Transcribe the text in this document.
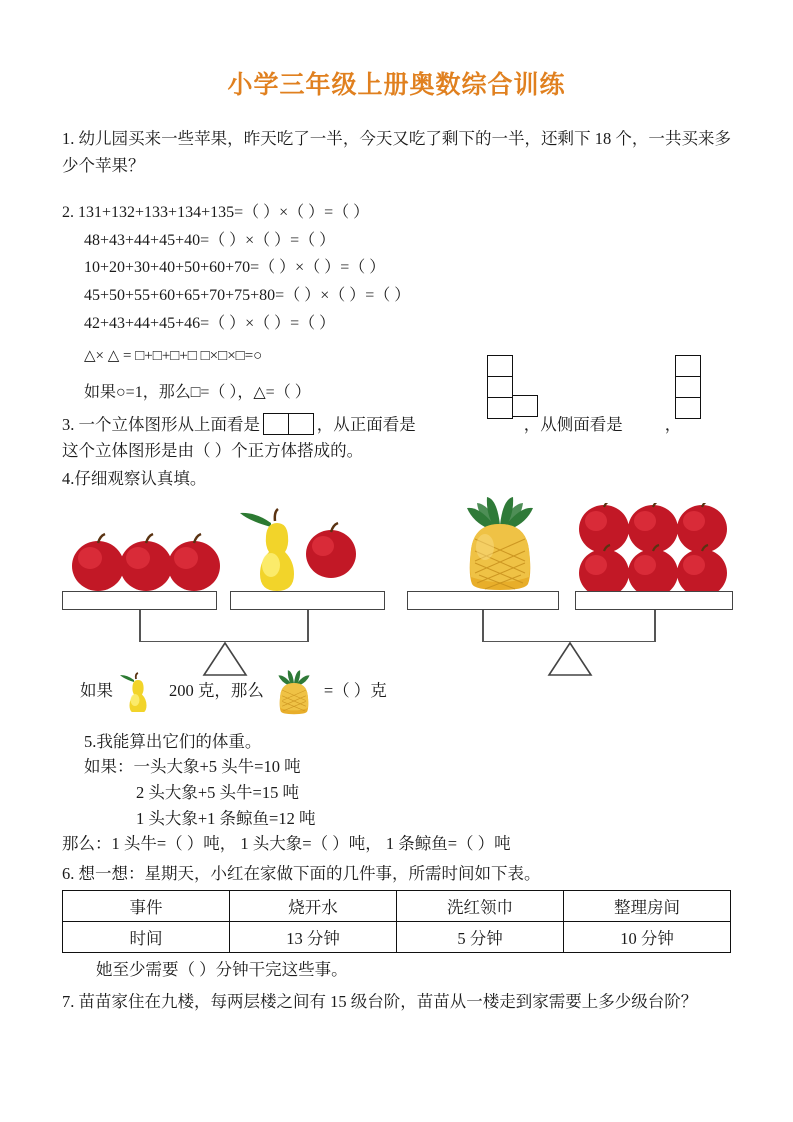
小学三年级上册奥数综合训练
1. 幼儿园买来一些苹果，昨天吃了一半，今天又吃了剩下的一半，还剩下 18 个，一共买来多少个苹果？
2. 131+132+133+134+135=（ ）×（ ）=（ ）
48+43+44+45+40=（ ）×（ ）=（ ）
10+20+30+40+50+60+70=（ ）×（ ）=（ ）
45+50+55+60+65+70+75+80=（ ）×（ ）=（ ）
42+43+44+45+46=（ ）×（ ）=（ ）
△× △ = □+□+□+□ □×□×□=○
如果○=1，那么□=（ ），△=（ ）
3. 一个立体图形从上面看是	，从正面看是	，从侧面看是	，
这个立体图形是由（ ）个正方体搭成的。
4.仔细观察认真填。
如果	200 克，那么	=（ ）克
5.我能算出它们的体重。
如果：一头大象+5 头牛=10 吨
2 头大象+5 头牛=15 吨
1 头大象+1 条鲸鱼=12 吨
那么：1 头牛=（ ）吨， 1 头大象=（ ）吨， 1 条鲸鱼=（ ）吨
6. 想一想：星期天，小红在家做下面的几件事，所需时间如下表。
事件	烧开水	洗红领巾	整理房间
时间	13 分钟	5 分钟	10 分钟
她至少需要（ ）分钟干完这些事。
7. 苗苗家住在九楼，每两层楼之间有 15 级台阶，苗苗从一楼走到家需要上多少级台阶？
